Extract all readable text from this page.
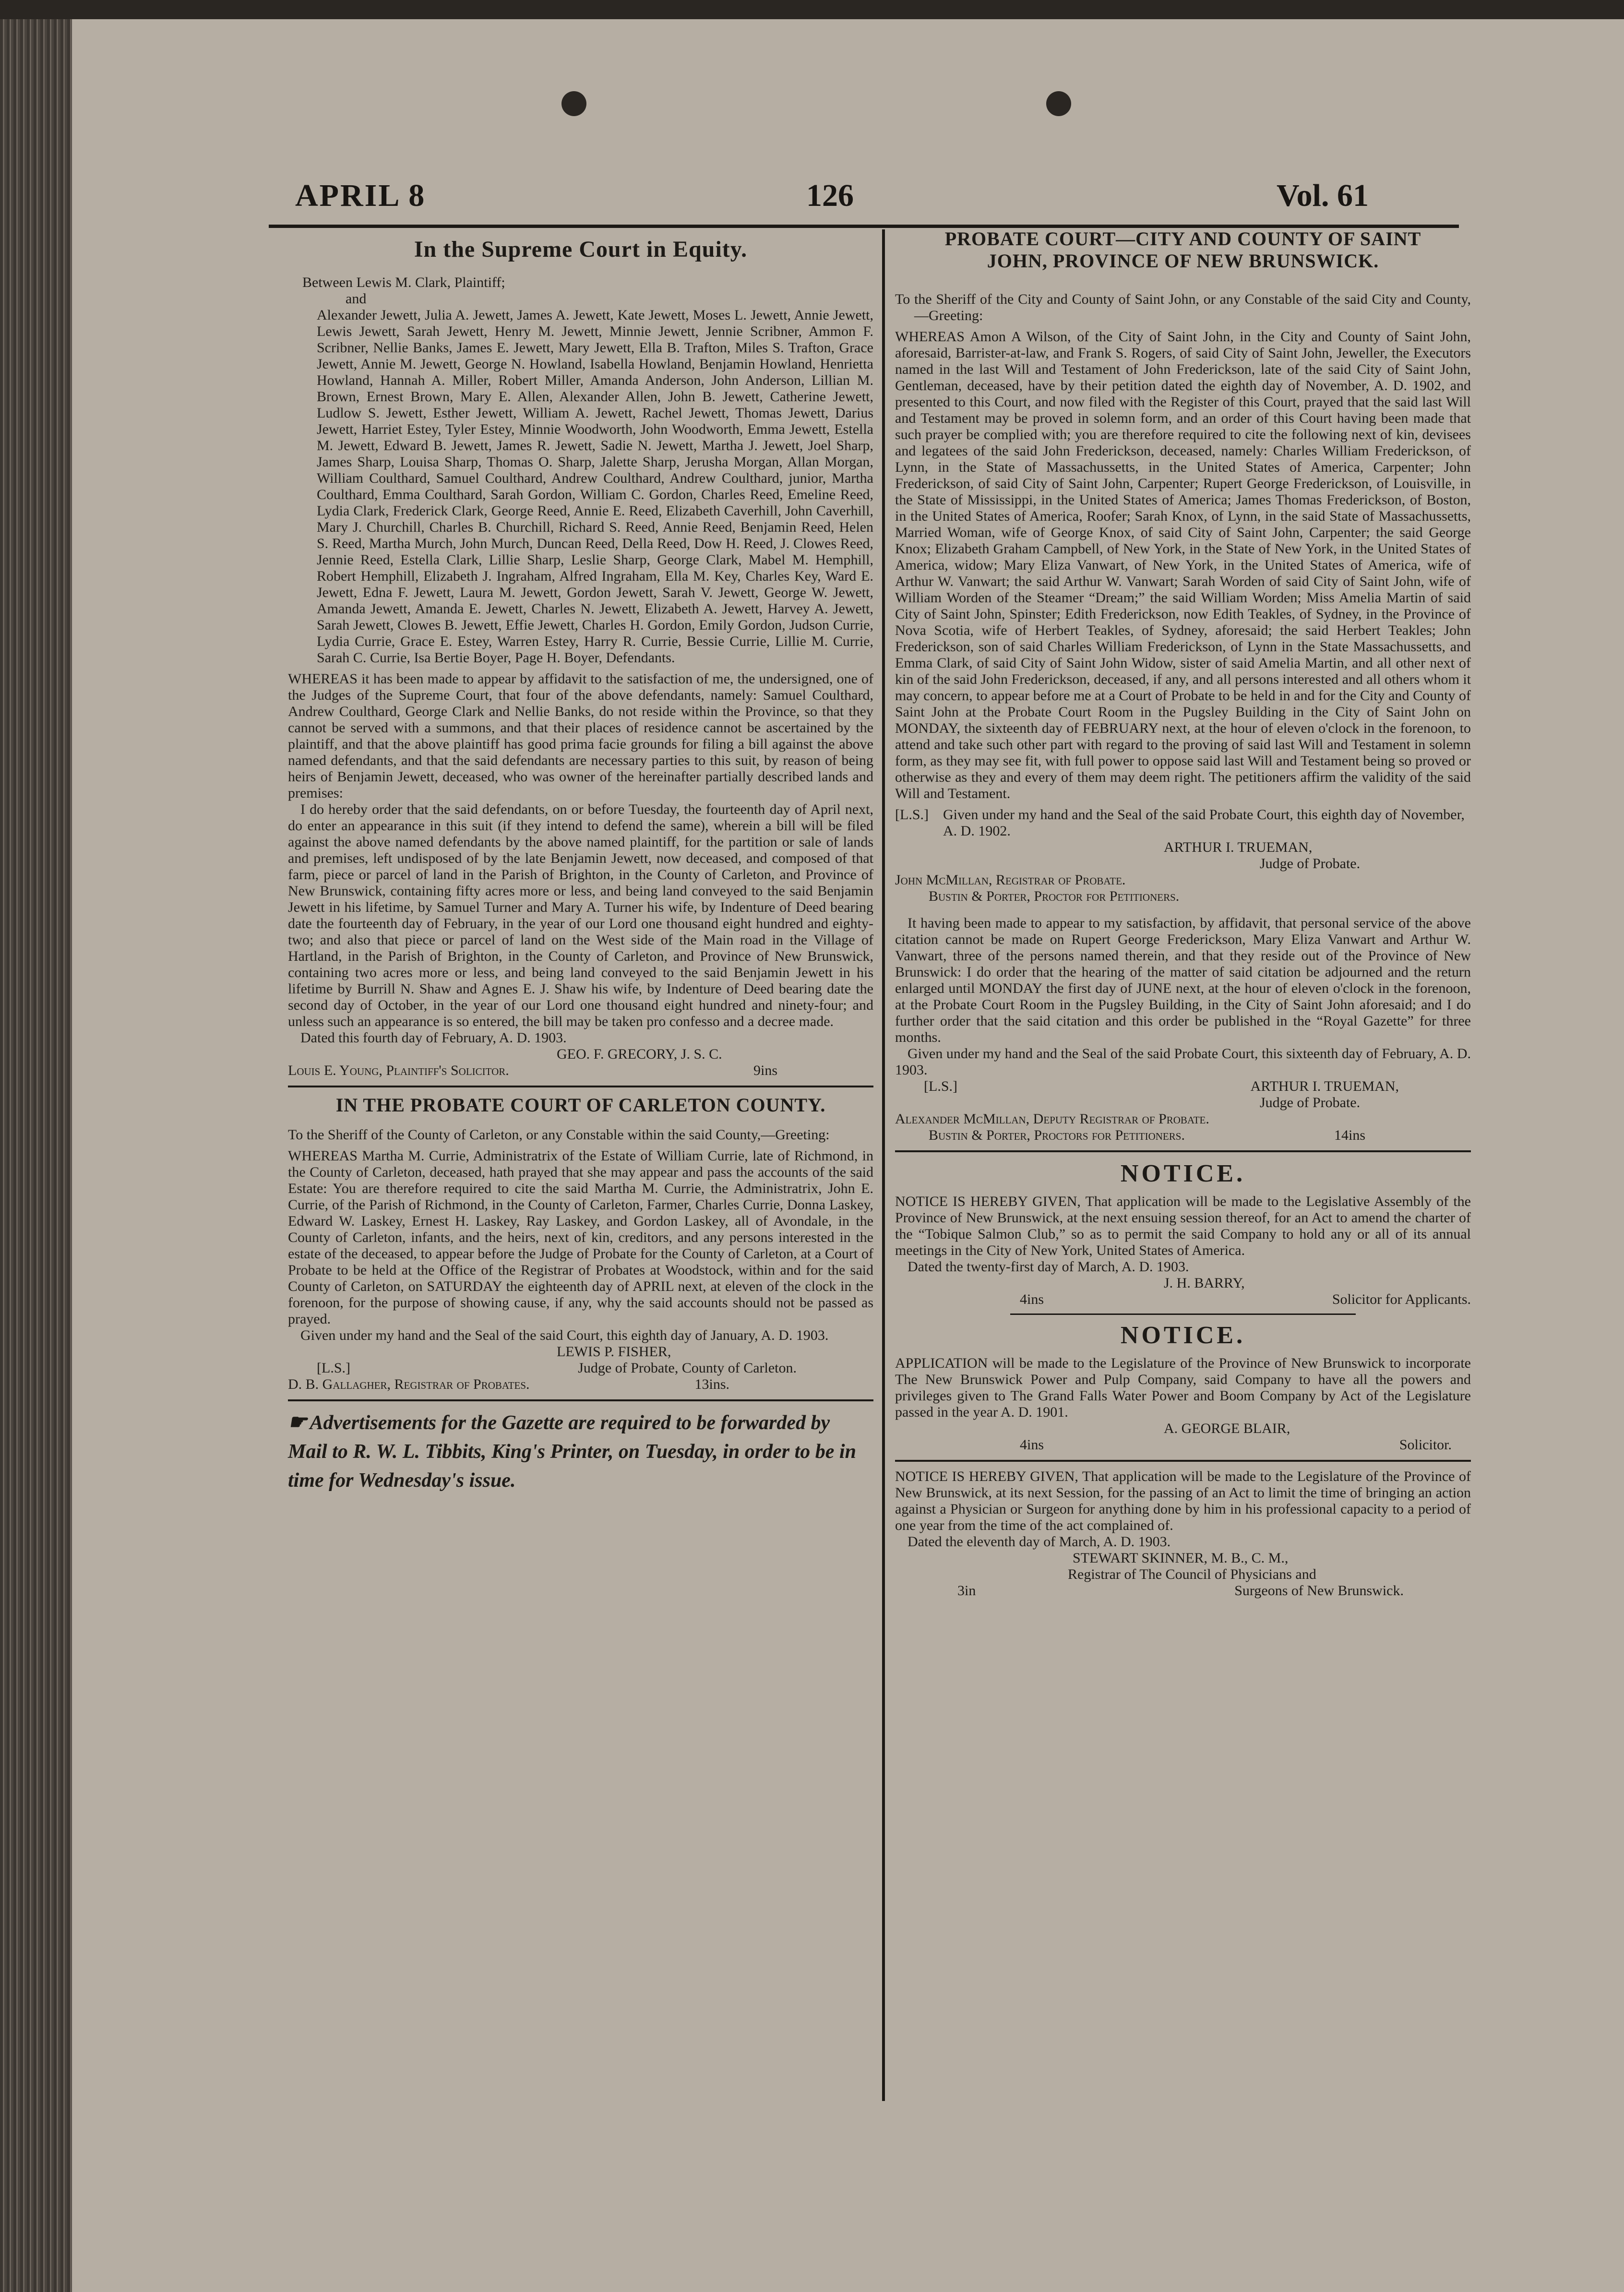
APRIL 8	126	Vol. 61

In the Supreme Court in Equity.

Between Lewis M. Clark, Plaintiff;

and

Alexander Jewett, Julia A. Jewett, James A. Jewett, Kate Jewett, Moses L. Jewett, Annie Jewett, Lewis Jewett, Sarah Jewett, Henry M. Jewett, Minnie Jewett, Jennie Scribner, Ammon F. Scribner, Nellie Banks, James E. Jewett, Mary Jewett, Ella B. Trafton, Miles S. Trafton, Grace Jewett, Annie M. Jewett, George N. Howland, Isabella Howland, Benjamin Howland, Henrietta Howland, Hannah A. Miller, Robert Miller, Amanda Anderson, John Anderson, Lillian M. Brown, Ernest Brown, Mary E. Allen, Alexander Allen, John B. Jewett, Catherine Jewett, Ludlow S. Jewett, Esther Jewett, William A. Jewett, Rachel Jewett, Thomas Jewett, Darius Jewett, Harriet Estey, Tyler Estey, Minnie Woodworth, John Woodworth, Emma Jewett, Estella M. Jewett, Edward B. Jewett, James R. Jewett, Sadie N. Jewett, Martha J. Jewett, Joel Sharp, James Sharp, Louisa Sharp, Thomas O. Sharp, Jalette Sharp, Jerusha Morgan, Allan Morgan, William Coulthard, Samuel Coulthard, Andrew Coulthard, Andrew Coulthard, junior, Martha Coulthard, Emma Coulthard, Sarah Gordon, William C. Gordon, Charles Reed, Emeline Reed, Lydia Clark, Frederick Clark, George Reed, Annie E. Reed, Elizabeth Caverhill, John Caverhill, Mary J. Churchill, Charles B. Churchill, Richard S. Reed, Annie Reed, Benjamin Reed, Helen S. Reed, Martha Murch, John Murch, Duncan Reed, Della Reed, Dow H. Reed, J. Clowes Reed, Jennie Reed, Estella Clark, Lillie Sharp, Leslie Sharp, George Clark, Mabel M. Hemphill, Robert Hemphill, Elizabeth J. Ingraham, Alfred Ingraham, Ella M. Key, Charles Key, Ward E. Jewett, Edna F. Jewett, Laura M. Jewett, Gordon Jewett, Sarah V. Jewett, George W. Jewett, Amanda Jewett, Amanda E. Jewett, Charles N. Jewett, Elizabeth A. Jewett, Harvey A. Jewett, Sarah Jewett, Clowes B. Jewett, Effie Jewett, Charles H. Gordon, Emily Gordon, Judson Currie, Lydia Currie, Grace E. Estey, Warren Estey, Harry R. Currie, Bessie Currie, Lillie M. Currie, Sarah C. Currie, Isa Bertie Boyer, Page H. Boyer, Defendants.

WHEREAS it has been made to appear by affidavit to the satisfaction of me, the undersigned, one of the Judges of the Supreme Court, that four of the above defendants, namely: Samuel Coulthard, Andrew Coulthard, George Clark and Nellie Banks, do not reside within the Province, so that they cannot be served with a summons, and that their places of residence cannot be ascertained by the plaintiff, and that the above plaintiff has good prima facie grounds for filing a bill against the above named defendants, and that the said defendants are necessary parties to this suit, by reason of being heirs of Benjamin Jewett, deceased, who was owner of the hereinafter partially described lands and premises:

I do hereby order that the said defendants, on or before Tuesday, the fourteenth day of April next, do enter an appearance in this suit (if they intend to defend the same), wherein a bill will be filed against the above named defendants by the above named plaintiff, for the partition or sale of lands and premises, left undisposed of by the late Benjamin Jewett, now deceased, and composed of that farm, piece or parcel of land in the Parish of Brighton, in the County of Carleton, and Province of New Brunswick, containing fifty acres more or less, and being land conveyed to the said Benjamin Jewett in his lifetime, by Samuel Turner and Mary A. Turner his wife, by Indenture of Deed bearing date the fourteenth day of February, in the year of our Lord one thousand eight hundred and eighty-two; and also that piece or parcel of land on the West side of the Main road in the Village of Hartland, in the Parish of Brighton, in the County of Carleton, and Province of New Brunswick, containing two acres more or less, and being land conveyed to the said Benjamin Jewett in his lifetime by Burrill N. Shaw and Agnes E. J. Shaw his wife, by Indenture of Deed bearing date the second day of October, in the year of our Lord one thousand eight hundred and ninety-four; and unless such an appearance is so entered, the bill may be taken pro confesso and a decree made.

Dated this fourth day of February, A. D. 1903.

GEO. F. GRECORY, J. S. C.

Louis E. Young, Plaintiff's Solicitor.	9ins

IN THE PROBATE COURT OF CARLETON COUNTY.

To the Sheriff of the County of Carleton, or any Constable within the said County,—Greeting:

WHEREAS Martha M. Currie, Administratrix of the Estate of William Currie, late of Richmond, in the County of Carleton, deceased, hath prayed that she may appear and pass the accounts of the said Estate: You are therefore required to cite the said Martha M. Currie, the Administratrix, John E. Currie, of the Parish of Richmond, in the County of Carleton, Farmer, Charles Currie, Donna Laskey, Edward W. Laskey, Ernest H. Laskey, Ray Laskey, and Gordon Laskey, all of Avondale, in the County of Carleton, infants, and the heirs, next of kin, creditors, and any persons interested in the estate of the deceased, to appear before the Judge of Probate for the County of Carleton, at a Court of Probate to be held at the Office of the Registrar of Probates at Woodstock, within and for the said County of Carleton, on SATURDAY the eighteenth day of APRIL next, at eleven of the clock in the forenoon, for the purpose of showing cause, if any, why the said accounts should not be passed as prayed.

Given under my hand and the Seal of the said Court, this eighth day of January, A. D. 1903.

LEWIS P. FISHER,

[L.S.]	Judge of Probate, County of Carleton.
D. B. Gallagher, Registrar of Probates.	13ins.

☛ Advertisements for the Gazette are required to be forwarded by Mail to R. W. L. Tibbits, King's Printer, on Tuesday, in order to be in time for Wednesday's issue.

PROBATE COURT—CITY AND COUNTY OF SAINT

JOHN, PROVINCE OF NEW BRUNSWICK.

To the Sheriff of the City and County of Saint John, or any Constable of the said City and County,—Greeting:

WHEREAS Amon A Wilson, of the City of Saint John, in the City and County of Saint John, aforesaid, Barrister-at-law, and Frank S. Rogers, of said City of Saint John, Jeweller, the Executors named in the last Will and Testament of John Frederickson, late of the said City of Saint John, Gentleman, deceased, have by their petition dated the eighth day of November, A. D. 1902, and presented to this Court, and now filed with the Register of this Court, prayed that the said last Will and Testament may be proved in solemn form, and an order of this Court having been made that such prayer be complied with; you are therefore required to cite the following next of kin, devisees and legatees of the said John Frederickson, deceased, namely: Charles William Frederickson, of Lynn, in the State of Massachussetts, in the United States of America, Carpenter; John Frederickson, of said City of Saint John, Carpenter; Rupert George Frederickson, of Louisville, in the State of Mississippi, in the United States of America; James Thomas Frederickson, of Boston, in the United States of America, Roofer; Sarah Knox, of Lynn, in the said State of Massachussetts, Married Woman, wife of George Knox, of said City of Saint John, Carpenter; the said George Knox; Elizabeth Graham Campbell, of New York, in the State of New York, in the United States of America, widow; Mary Eliza Vanwart, of New York, in the United States of America, wife of Arthur W. Vanwart; the said Arthur W. Vanwart; Sarah Worden of said City of Saint John, wife of William Worden of the Steamer “Dream;” the said William Worden; Miss Amelia Martin of said City of Saint John, Spinster; Edith Frederickson, now Edith Teakles, of Sydney, in the Province of Nova Scotia, wife of Herbert Teakles, of Sydney, aforesaid; the said Herbert Teakles; John Frederickson, son of said Charles William Frederickson, of Lynn in the State Massachussetts, and Emma Clark, of said City of Saint John Widow, sister of said Amelia Martin, and all other next of kin of the said John Frederickson, deceased, if any, and all persons interested and all others whom it may concern, to appear before me at a Court of Probate to be held in and for the City and County of Saint John at the Probate Court Room in the Pugsley Building in the City of Saint John on MONDAY, the sixteenth day of FEBRUARY next, at the hour of eleven o'clock in the forenoon, to attend and take such other part with regard to the proving of said last Will and Testament in solemn form, as they may see fit, with full power to oppose said last Will and Testament being so proved or otherwise as they and every of them may deem right. The petitioners affirm the validity of the said Will and Testament.

[L.S.]	Given under my hand and the Seal of the said Probate Court, this eighth day of November, A. D. 1902.

ARTHUR I. TRUEMAN,

Judge of Probate.

John McMillan, Registrar of Probate.

Bustin & Porter, Proctor for Petitioners.

It having been made to appear to my satisfaction, by affidavit, that personal service of the above citation cannot be made on Rupert George Frederickson, Mary Eliza Vanwart and Arthur W. Vanwart, three of the persons named therein, and that they reside out of the Province of New Brunswick: I do order that the hearing of the matter of said citation be adjourned and the return enlarged until MONDAY the first day of JUNE next, at the hour of eleven o'clock in the forenoon, at the Probate Court Room in the Pugsley Building, in the City of Saint John aforesaid; and I do further order that the said citation and this order be published in the “Royal Gazette” for three months.

Given under my hand and the Seal of the said Probate Court, this sixteenth day of February, A. D. 1903.

[L.S.]	ARTHUR I. TRUEMAN,

Judge of Probate.

Alexander McMillan, Deputy Registrar of Probate.

Bustin & Porter, Proctors for Petitioners.	14ins

NOTICE.

NOTICE IS HEREBY GIVEN, That application will be made to the Legislative Assembly of the Province of New Brunswick, at the next ensuing session thereof, for an Act to amend the charter of the “Tobique Salmon Club,” so as to permit the said Company to hold any or all of its annual meetings in the City of New York, United States of America.

Dated the twenty-first day of March, A. D. 1903.

J. H. BARRY,

4ins	Solicitor for Applicants.

NOTICE.

APPLICATION will be made to the Legislature of the Province of New Brunswick to incorporate The New Brunswick Power and Pulp Company, said Company to have all the powers and privileges given to The Grand Falls Water Power and Boom Company by Act of the Legislature passed in the year A. D. 1901.

A. GEORGE BLAIR,

4ins	Solicitor.

NOTICE IS HEREBY GIVEN, That application will be made to the Legislature of the Province of New Brunswick, at its next Session, for the passing of an Act to limit the time of bringing an action against a Physician or Surgeon for anything done by him in his professional capacity to a period of one year from the time of the act complained of.

Dated the eleventh day of March, A. D. 1903.

STEWART SKINNER, M. B., C. M.,

Registrar of The Council of Physicians and

3in	Surgeons of New Brunswick.
